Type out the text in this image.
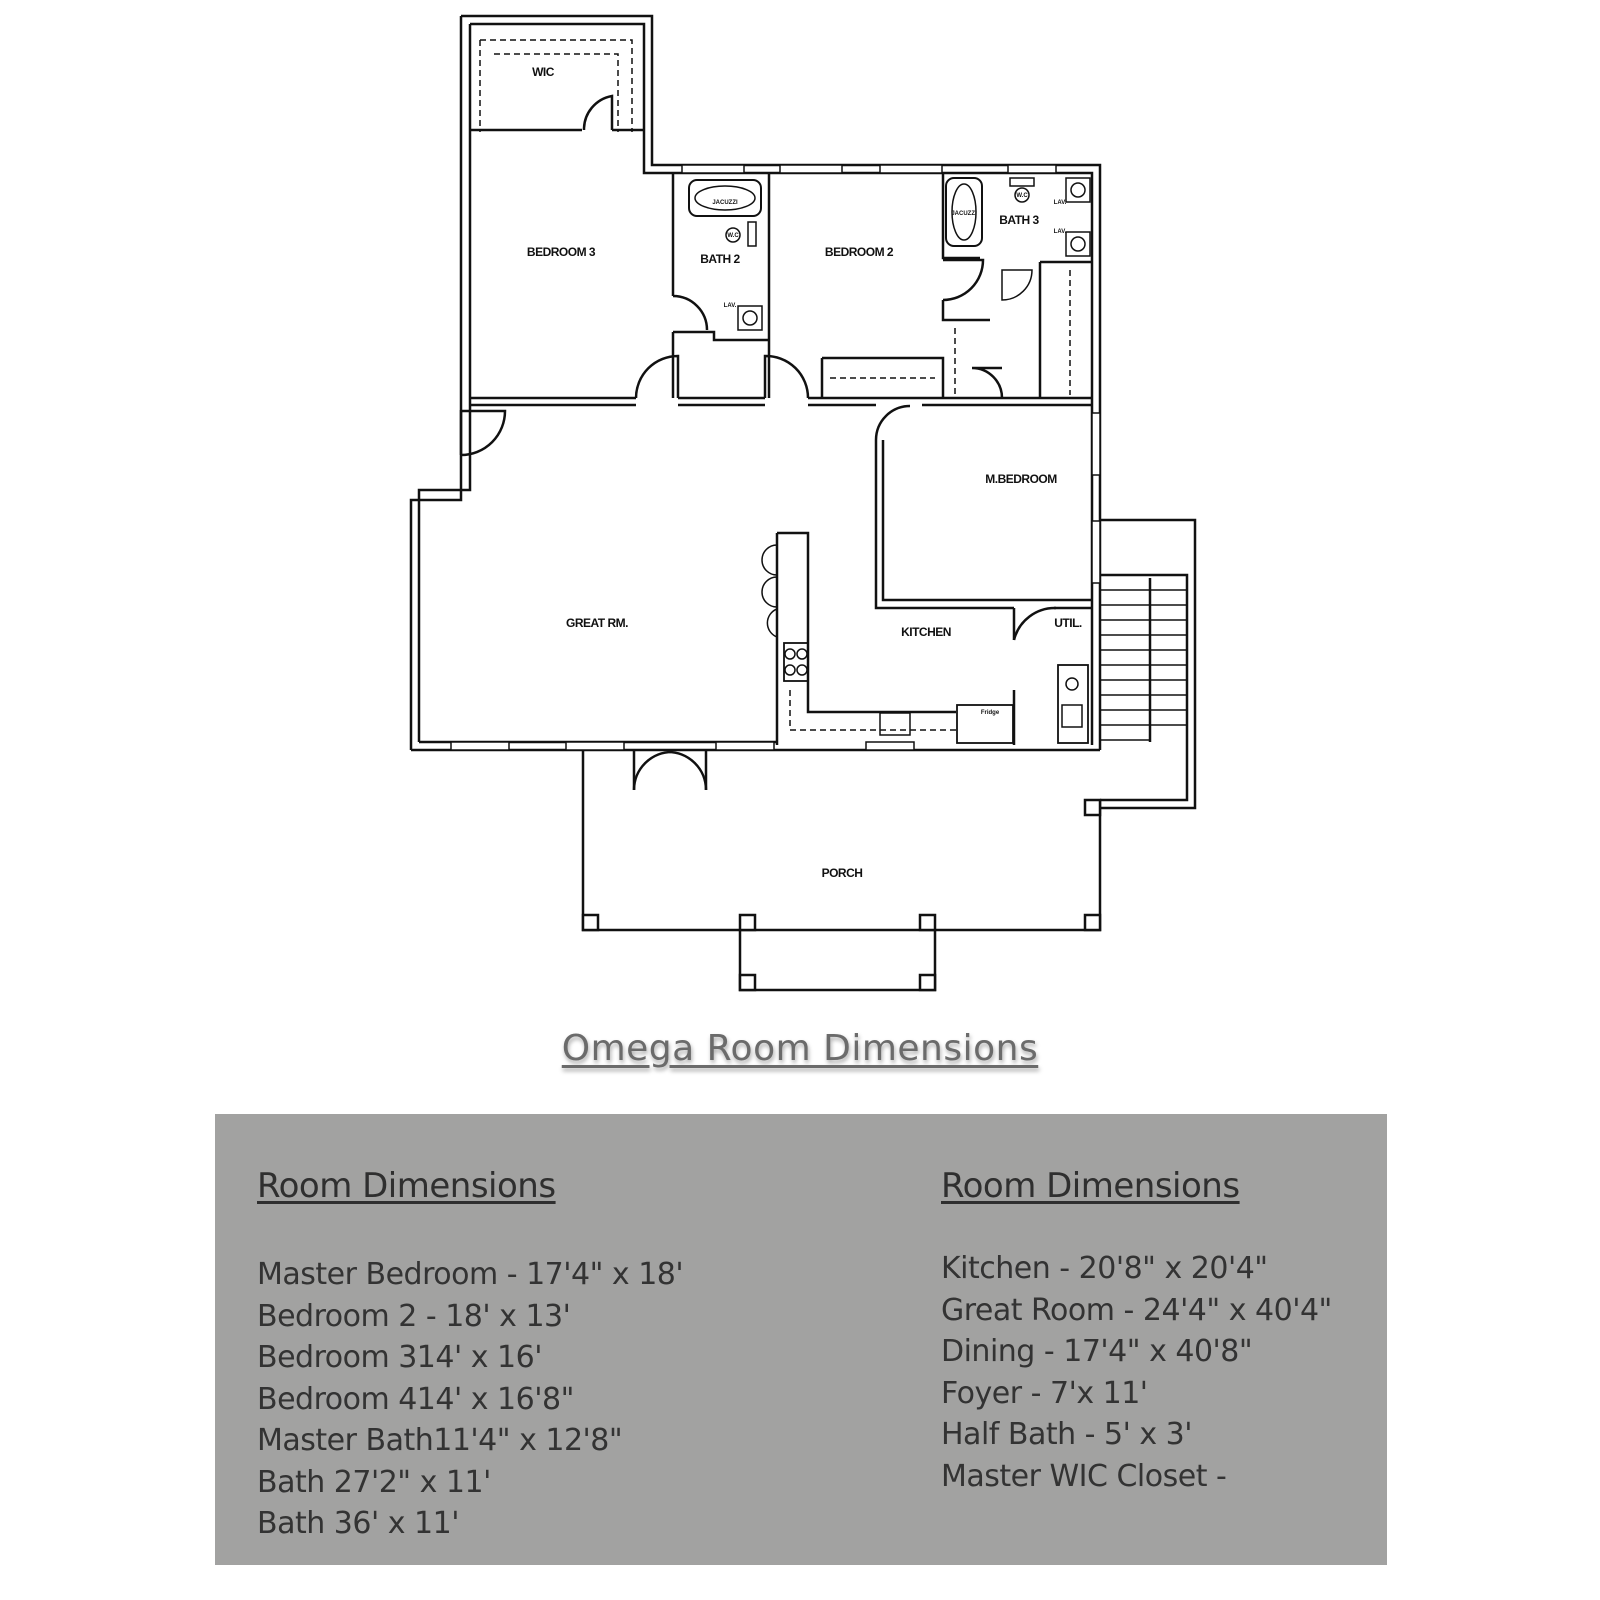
WIC
BEDROOM 3	BATH 2	BEDROOM 2
BATH 3
M.BEDROOM
GREAT RM.
KITCHEN
UTIL.
PORCH
JACUZZI
JACUZZI
W.C
W.C
LAV.
LAV.
LAV.
Fridge
Omega Room Dimensions
Room Dimensions
Master Bedroom - 17'4" x 18'
Bedroom 2 - 18' x 13'
Bedroom 314' x 16'
Bedroom 414' x 16'8"
Master Bath11'4" x 12'8"
Bath 27'2" x 11'
Bath 36' x 11'
Room Dimensions
Kitchen - 20'8" x 20'4"
Great Room - 24'4" x 40'4"
Dining - 17'4" x 40'8"
Foyer - 7'x 11'
Half Bath - 5' x 3'
Master WIC Closet -
